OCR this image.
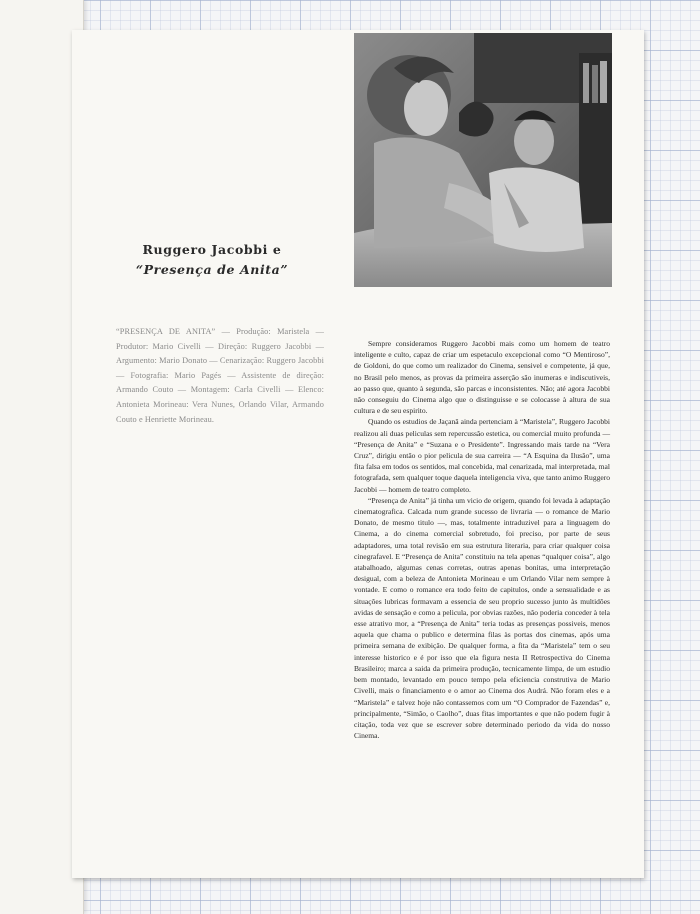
Ruggero Jacobbi e
“Presença de Anita”
“PRESENÇA DE ANITA” — Produção: Maristela — Produtor: Mario Civelli — Direção: Ruggero Jacobbi — Argumento: Mario Donato — Cenarização: Ruggero Jacobbi — Fotografia: Mario Pagés — Assistente de direção: Armando Couto — Montagem: Carla Civelli — Elenco: Antonieta Morineau: Vera Nunes, Orlando Vilar, Armando Couto e Henriette Morineau.

Sempre consideramos Ruggero Jacobbi mais como um homem de teatro inteligente e culto, capaz de criar um espetaculo excepcional como “O Mentiroso”, de Goldoni, do que como um realizador do Cinema, sensivel e competente, já que, no Brasil pelo menos, as provas da primeira asserção são inumeras e indiscutiveis, ao passo que, quanto à segunda, são parcas e inconsistentes. Não; até agora Jacobbi não conseguiu do Cinema algo que o distinguisse e se colocasse à altura de sua cultura e de seu espirito.

Quando os estudios de Jaçanã ainda pertenciam à “Maristela”, Ruggero Jacobbi realizou ali duas peliculas sem repercussão estetica, ou comercial muito profunda — “Presença de Anita” e “Suzana e o Presidente”. Ingressando mais tarde na “Vera Cruz”, dirigiu então o pior pelicula de sua carreira — “A Esquina da Ilusão”, uma fita falsa em todos os sentidos, mal concebida, mal cenarizada, mal interpretada, mal fotografada, sem qualquer toque daquela inteligencia viva, que tanto animo Ruggero Jacobbi — homem de teatro completo.

“Presença de Anita” já tinha um vicio de origem, quando foi levada à adaptação cinematografica. Calcada num grande sucesso de livraria — o romance de Mario Donato, de mesmo titulo —, mas, totalmente intraduzivel para a linguagem do Cinema, a do cinema comercial sobretudo, foi preciso, por parte de seus adaptadores, uma total revisão em sua estrutura literaria, para criar qualquer coisa cinegrafavel. E “Presença de Anita” constituiu na tela apenas “qualquer coisa”, algo atabalhoado, algumas cenas corretas, outras apenas bonitas, uma interpretação desigual, com a beleza de Antonieta Morineau e um Orlando Vilar nem sempre à vontade. E como o romance era todo feito de capitulos, onde a sensualidade e as situações lubricas formavam a essencia de seu proprio sucesso junto às multidões avidas de sensação e como a pelicula, por obvias razões, não poderia conceder à tela esse atrativo mor, a “Presença de Anita” teria todas as presenças possiveis, menos aquela que chama o publico e determina filas às portas dos cinemas, após uma primeira semana de exibição. De qualquer forma, a fita da “Maristela” tem o seu interesse historico e é por isso que ela figura nesta II Retrospectiva do Cinema Brasileiro; marca a saida da primeira produção, tecnicamente limpa, de um estudio bem montado, levantado em pouco tempo pela eficiencia construtiva de Mario Civelli, mais o financiamento e o amor ao Cinema dos Audrá. Não foram eles e a “Maristela” e talvez hoje não contassemos com um “O Comprador de Fazendas” e, principalmente, “Simão, o Caolho”, duas fitas importantes e que não podem fugir à citação, toda vez que se escrever sobre determinado periodo da vida do nosso Cinema.
